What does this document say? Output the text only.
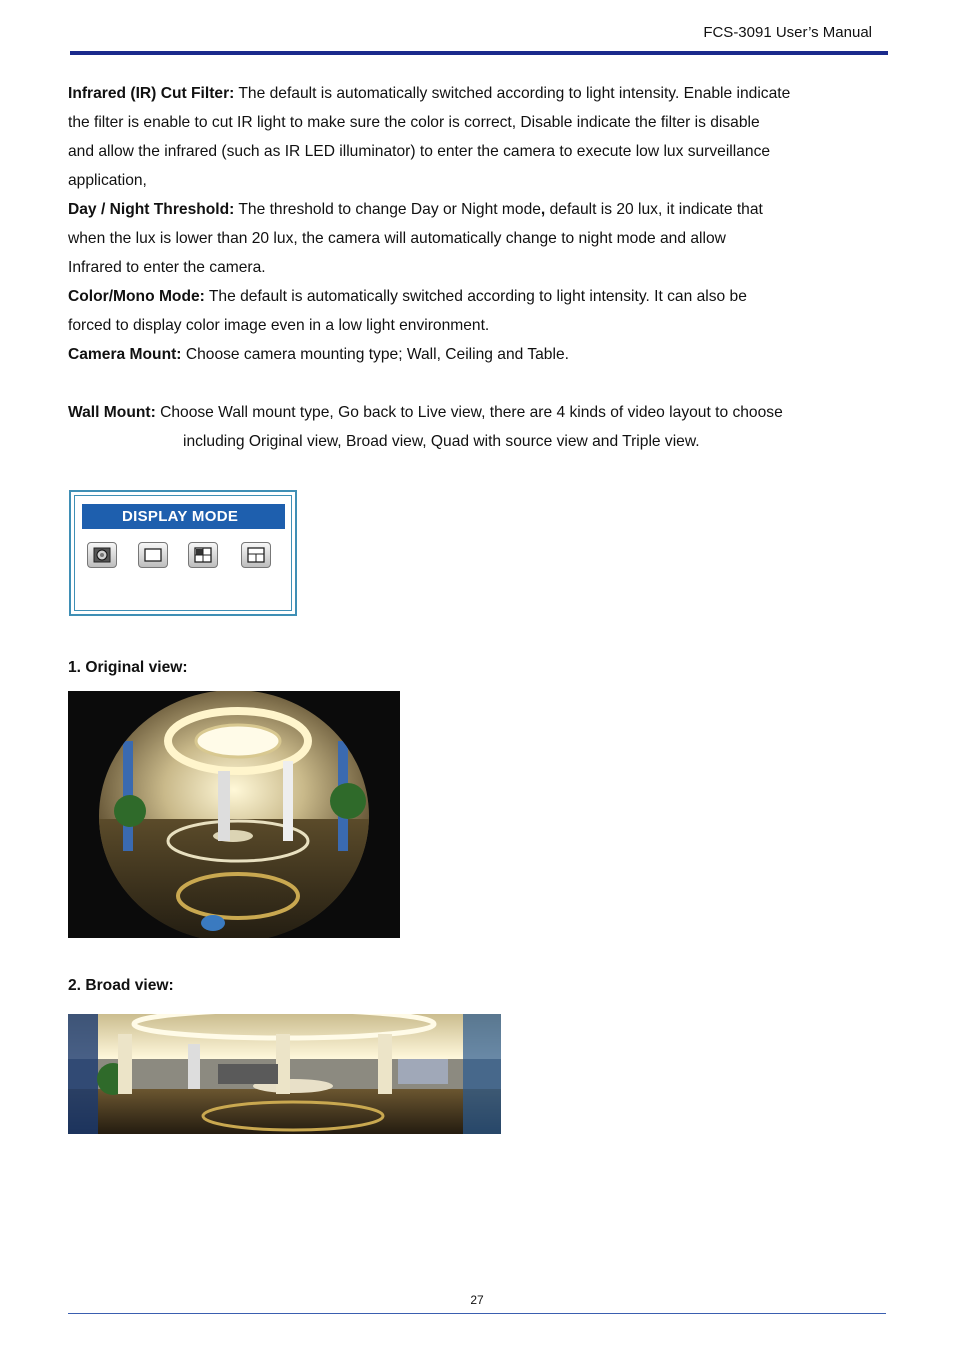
FCS-3091 User’s Manual

Infrared (IR) Cut Filter: The default is automatically switched according to light intensity. Enable indicate
the filter is enable to cut IR light to make sure the color is correct, Disable indicate the filter is disable
and allow the infrared (such as IR LED illuminator) to enter the camera to execute low lux surveillance
application,

Day / Night Threshold: The threshold to change Day or Night mode, default is 20 lux, it indicate that
when the lux is lower than 20 lux, the camera will automatically change to night mode and allow
Infrared to enter the camera.

Color/Mono Mode: The default is automatically switched according to light intensity. It can also be
forced to display color image even in a low light environment.

Camera Mount: Choose camera mounting type; Wall, Ceiling and Table.

Wall Mount: Choose Wall mount type, Go back to Live view, there are 4 kinds of video layout to choose
including Original view, Broad view, Quad with source view and Triple view.

DISPLAY MODE
1. Original view:
2. Broad view:
27
